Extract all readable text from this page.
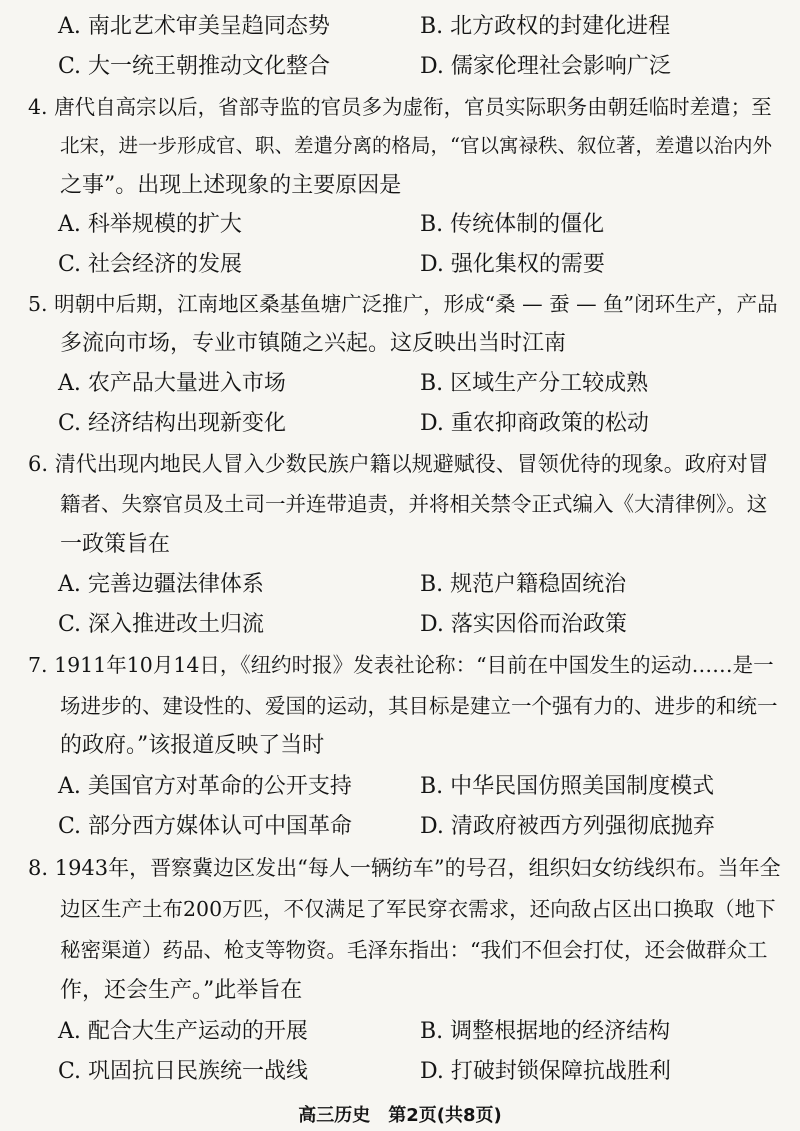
A. 南北艺术审美呈趋同态势	B. 北方政权的封建化进程
C. 大一统王朝推动文化整合	D. 儒家伦理社会影响广泛
4. 唐代自高宗以后，省部寺监的官员多为虚衔，官员实际职务由朝廷临时差遣；至
北宋，进一步形成官、职、差遣分离的格局，“官以寓禄秩、叙位著，差遣以治内外
之事”。出现上述现象的主要原因是
A. 科举规模的扩大	B. 传统体制的僵化
C. 社会经济的发展	D. 强化集权的需要
5. 明朝中后期，江南地区桑基鱼塘广泛推广，形成“桑 — 蚕 — 鱼”闭环生产，产品
多流向市场，专业市镇随之兴起。这反映出当时江南
A. 农产品大量进入市场	B. 区域生产分工较成熟
C. 经济结构出现新变化	D. 重农抑商政策的松动
6. 清代出现内地民人冒入少数民族户籍以规避赋役、冒领优待的现象。政府对冒
籍者、失察官员及土司一并连带追责，并将相关禁令正式编入《大清律例》。这
一政策旨在
A. 完善边疆法律体系	B. 规范户籍稳固统治
C. 深入推进改土归流	D. 落实因俗而治政策
7. 1911年10月14日，《纽约时报》发表社论称：“目前在中国发生的运动……是一
场进步的、建设性的、爱国的运动，其目标是建立一个强有力的、进步的和统一
的政府。”该报道反映了当时
A. 美国官方对革命的公开支持	B. 中华民国仿照美国制度模式
C. 部分西方媒体认可中国革命	D. 清政府被西方列强彻底抛弃
8. 1943年，晋察冀边区发出“每人一辆纺车”的号召，组织妇女纺线织布。当年全
边区生产土布200万匹，不仅满足了军民穿衣需求，还向敌占区出口换取（地下
秘密渠道）药品、枪支等物资。毛泽东指出：“我们不但会打仗，还会做群众工
作，还会生产。”此举旨在
A. 配合大生产运动的开展	B. 调整根据地的经济结构
C. 巩固抗日民族统一战线	D. 打破封锁保障抗战胜利
高三历史　第2页(共8页)
